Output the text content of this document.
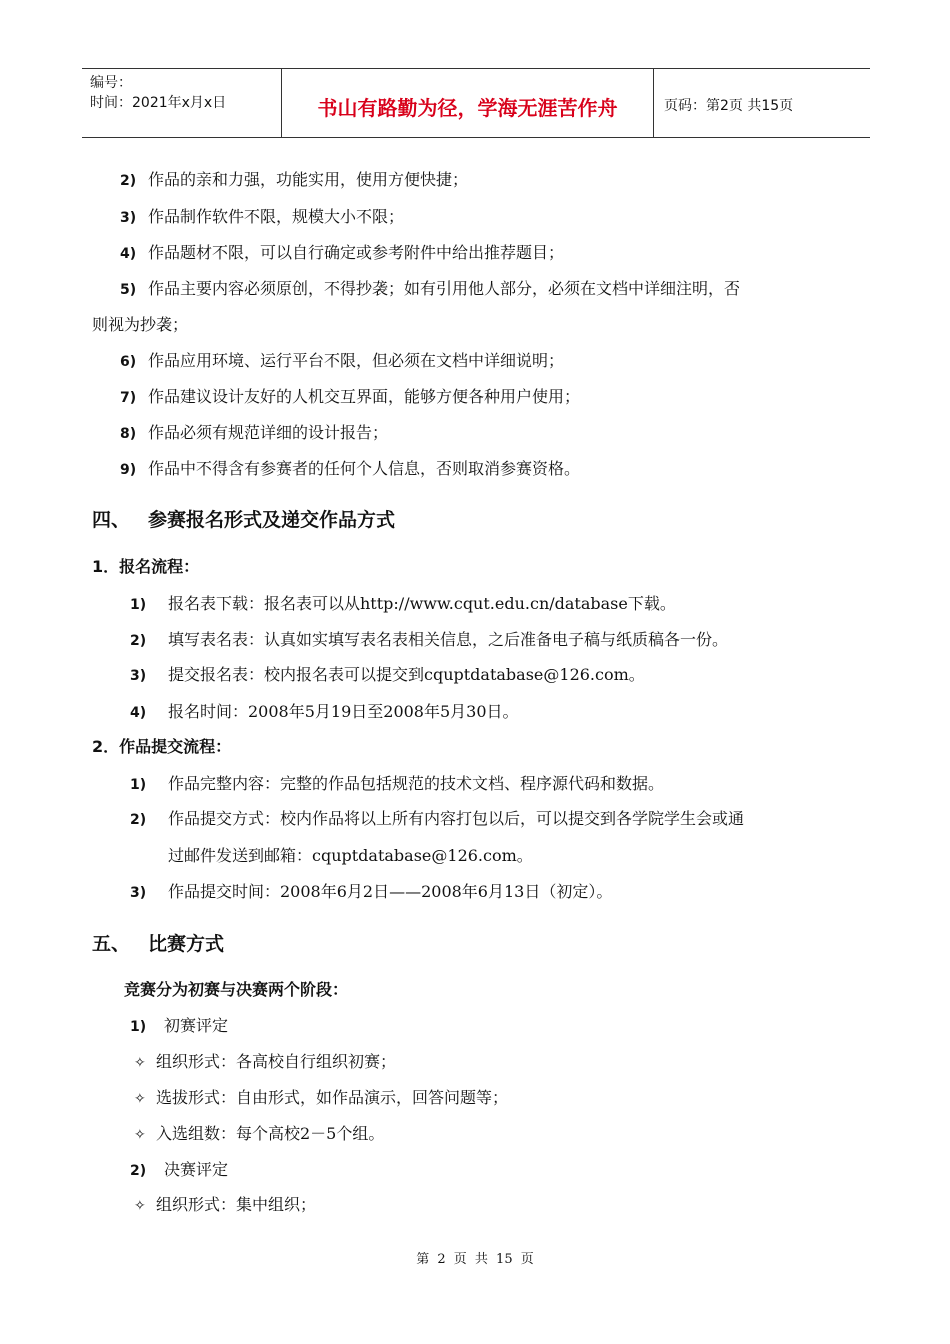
编号：
时间：2021年x月x日	书山有路勤为径，学海无涯苦作舟	页码：第2页 共15页
2) 作品的亲和力强，功能实用，使用方便快捷；
3) 作品制作软件不限，规模大小不限；
4) 作品题材不限，可以自行确定或参考附件中给出推荐题目；
5) 作品主要内容必须原创，不得抄袭；如有引用他人部分，必须在文档中详细注明，否
则视为抄袭；
6) 作品应用环境、运行平台不限，但必须在文档中详细说明；
7) 作品建议设计友好的人机交互界面，能够方便各种用户使用；
8) 作品必须有规范详细的设计报告；
9) 作品中不得含有参赛者的任何个人信息，否则取消参赛资格。
四、 参赛报名形式及递交作品方式
1．报名流程：
1) 报名表下载：报名表可以从http://www.cqut.edu.cn/database下载。
2) 填写表名表：认真如实填写表名表相关信息，之后准备电子稿与纸质稿各一份。
3) 提交报名表：校内报名表可以提交到cquptdatabase@126.com。
4) 报名时间：2008年5月19日至2008年5月30日。
2．作品提交流程：
1) 作品完整内容：完整的作品包括规范的技术文档、程序源代码和数据。
2) 作品提交方式：校内作品将以上所有内容打包以后，可以提交到各学院学生会或通
过邮件发送到邮箱：cquptdatabase@126.com。
3) 作品提交时间：2008年6月2日——2008年6月13日（初定）。
五、 比赛方式
竞赛分为初赛与决赛两个阶段：
1) 初赛评定
✧ 组织形式：各高校自行组织初赛；
✧ 选拔形式：自由形式，如作品演示，回答问题等；
✧ 入选组数：每个高校2－5个组。
2) 决赛评定
✧ 组织形式：集中组织；
第 2 页 共 15 页
